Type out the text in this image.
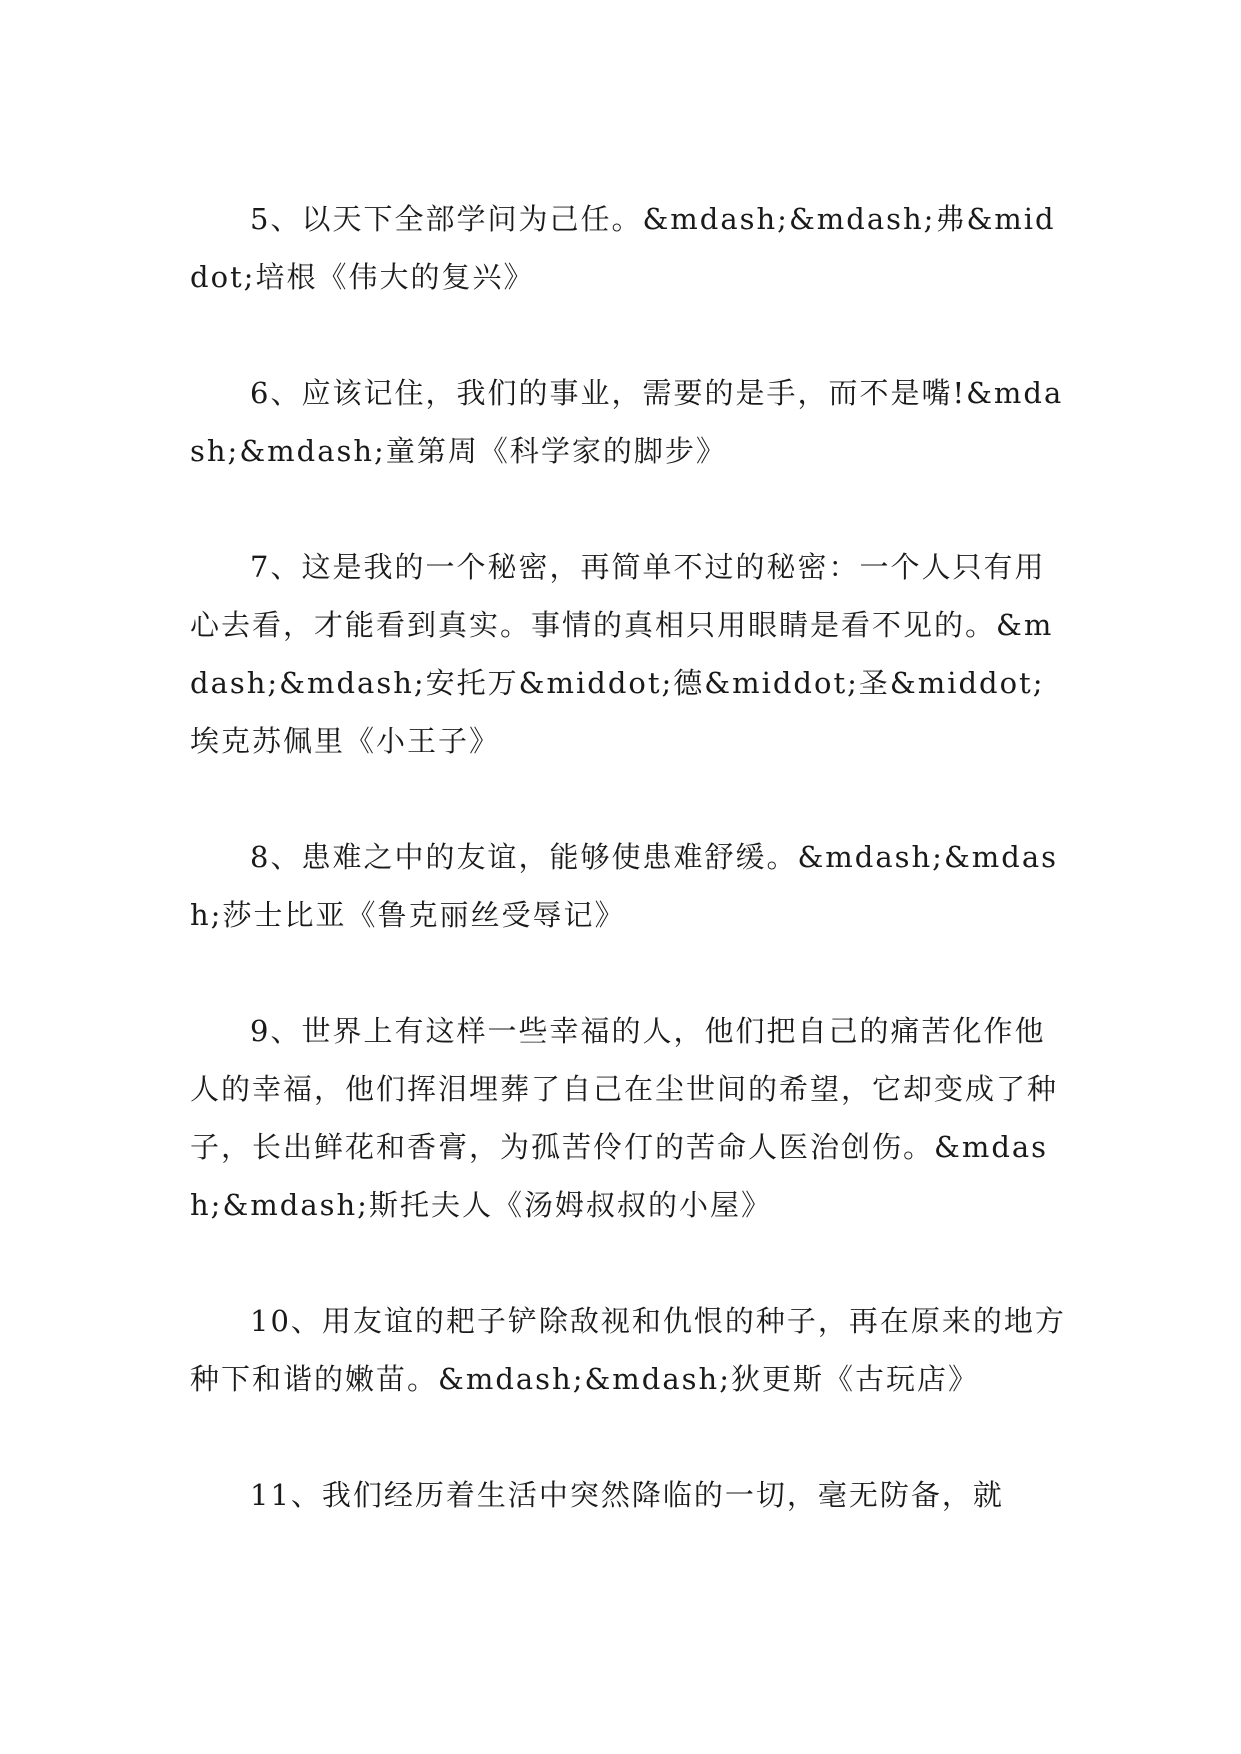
5、以天下全部学问为己任。&mdash;&mdash;弗&middot;培根《伟大的复兴》

6、应该记住，我们的事业，需要的是手，而不是嘴!&mdash;&mdash;童第周《科学家的脚步》

7、这是我的一个秘密，再简单不过的秘密：一个人只有用心去看，才能看到真实。事情的真相只用眼睛是看不见的。&mdash;&mdash;安托万&middot;德&middot;圣&middot;埃克苏佩里《小王子》

8、患难之中的友谊，能够使患难舒缓。&mdash;&mdash;莎士比亚《鲁克丽丝受辱记》

9、世界上有这样一些幸福的人，他们把自己的痛苦化作他人的幸福，他们挥泪埋葬了自己在尘世间的希望，它却变成了种子，长出鲜花和香膏，为孤苦伶仃的苦命人医治创伤。&mdash;&mdash;斯托夫人《汤姆叔叔的小屋》

10、用友谊的耙子铲除敌视和仇恨的种子，再在原来的地方种下和谐的嫩苗。&mdash;&mdash;狄更斯《古玩店》

11、我们经历着生活中突然降临的一切，毫无防备，就
